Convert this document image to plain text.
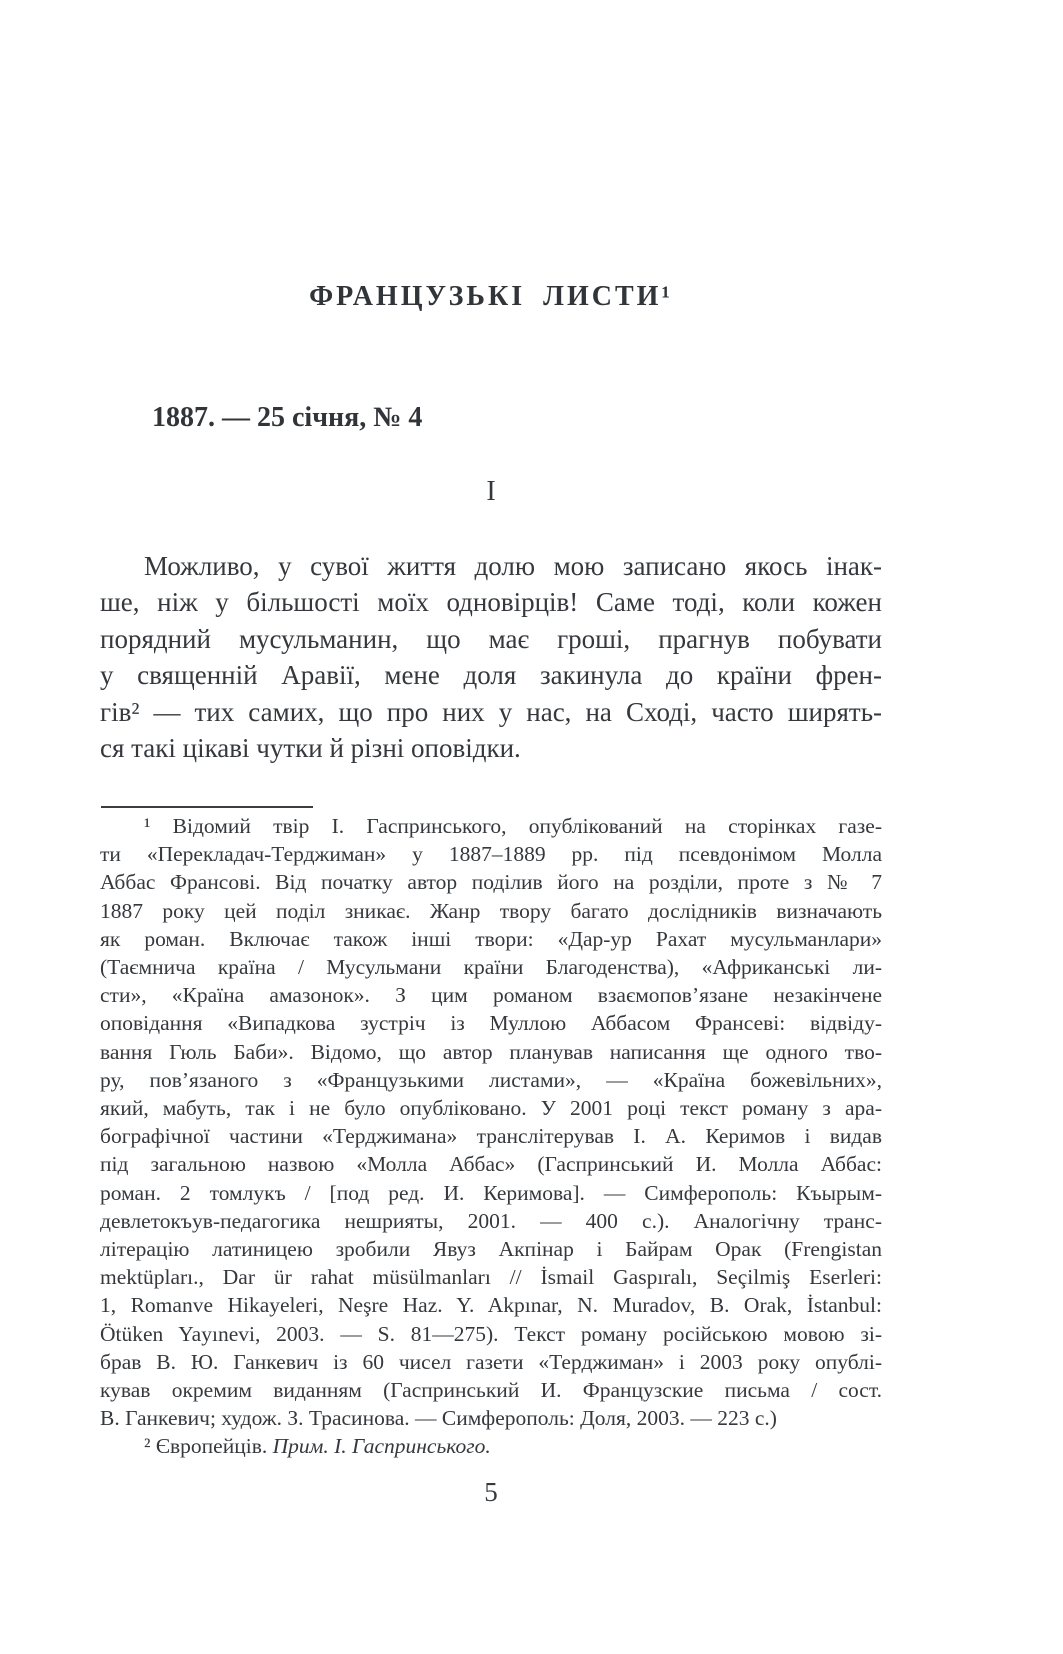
ФРАНЦУЗЬКІ ЛИСТИ¹
1887. — 25 січня, № 4
I
Можливо, у сувої життя долю мою записано якось інак-
ше, ніж у більшості моїх одновірців! Саме тоді, коли кожен
порядний мусульманин, що має гроші, прагнув побувати
у священній Аравії, мене доля закинула до країни френ-
гів² — тих самих, що про них у нас, на Сході, часто ширять-
ся такі цікаві чутки й різні оповідки.
¹ Відомий твір І. Гаспринського, опублікований на сторінках газе-
ти «Перекладач-Терджиман» у 1887–1889 рр. під псевдонімом Молла
Аббас Франсові. Від початку автор поділив його на розділи, проте з № 7
1887 року цей поділ зникає. Жанр твору багато дослідників визначають
як роман. Включає також інші твори: «Дар-ур Рахат мусульманлари»
(Таємнича країна / Мусульмани країни Благоденства), «Африканські ли-
сти», «Країна амазонок». З цим романом взаємопов’язане незакінчене
оповідання «Випадкова зустріч із Муллою Аббасом Франсеві: відвіду-
вання Гюль Баби». Відомо, що автор планував написання ще одного тво-
ру, пов’язаного з «Французькими листами», — «Країна божевільних»,
який, мабуть, так і не було опубліковано. У 2001 році текст роману з ара-
бографічної частини «Терджимана» транслітерував І. А. Керимов і видав
під загальною назвою «Молла Аббас» (Гаспринський И. Молла Аббас:
роман. 2 томлукъ / [под ред. И. Керимова]. — Симферополь: Къырым-
девлетокъув-педагогика нешрияты, 2001. — 400 с.). Аналогічну транс-
літерацію латиницею зробили Явуз Акпінар і Байрам Орак (Frengistan
mektüpları., Dar ür rahat müsülmanları // İsmail Gaspıralı, Seçilmiş Eserleri:
1, Romanve Hikayeleri, Neşre Haz. Y. Akpınar, N. Muradov, B. Orak, İstanbul:
Ötüken Yayınevi, 2003. — S. 81—275). Текст роману російською мовою зі-
брав В. Ю. Ганкевич із 60 чисел газети «Терджиман» і 2003 року опублі-
кував окремим виданням (Гаспринський И. Французские письма / сост.
В. Ганкевич; худож. З. Трасинова. — Симферополь: Доля, 2003. — 223 с.)
² Європейців. Прим. І. Гаспринського.
5
